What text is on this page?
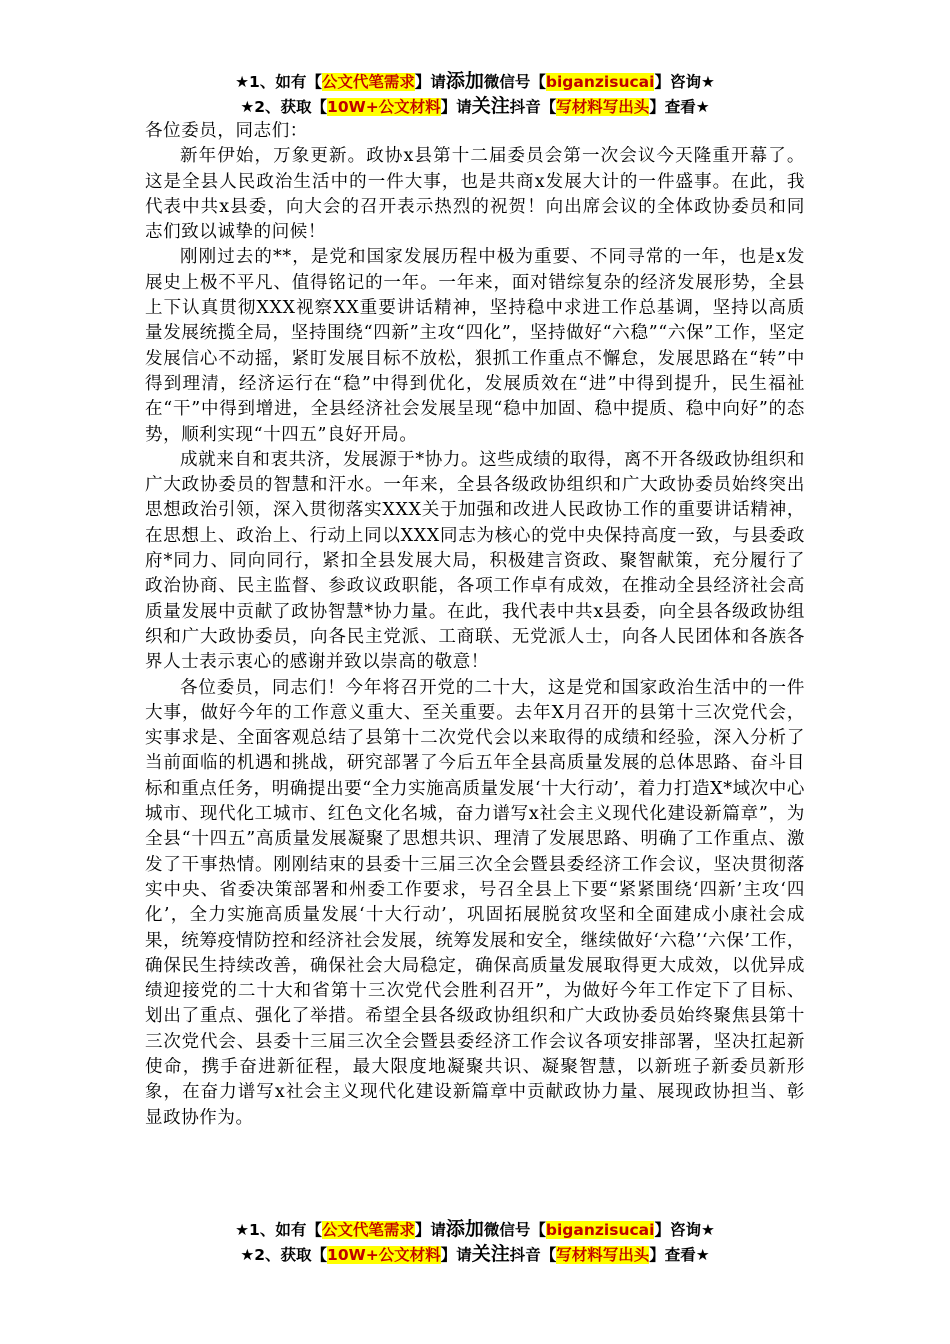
★1、如有【公文代笔需求】请添加微信号【biganzisucai】咨询★
★2、获取【10W+公文材料】请关注抖音【写材料写出头】查看★

各位委员，同志们：

新年伊始，万象更新。政协x县第十二届委员会第一次会议今天隆重开幕了。这是全县人民政治生活中的一件大事，也是共商x发展大计的一件盛事。在此，我代表中共x县委，向大会的召开表示热烈的祝贺！向出席会议的全体政协委员和同志们致以诚挚的问候！

刚刚过去的**，是党和国家发展历程中极为重要、不同寻常的一年，也是x发展史上极不平凡、值得铭记的一年。一年来，面对错综复杂的经济发展形势，全县上下认真贯彻XXX视察XX重要讲话精神，坚持稳中求进工作总基调，坚持以高质量发展统揽全局，坚持围绕“四新”主攻“四化”，坚持做好“六稳”“六保”工作，坚定发展信心不动摇，紧盯发展目标不放松，狠抓工作重点不懈怠，发展思路在“转”中得到理清，经济运行在“稳”中得到优化，发展质效在“进”中得到提升，民生福祉在“干”中得到增进，全县经济社会发展呈现“稳中加固、稳中提质、稳中向好”的态势，顺利实现“十四五”良好开局。

成就来自和衷共济，发展源于*协力。这些成绩的取得，离不开各级政协组织和广大政协委员的智慧和汗水。一年来，全县各级政协组织和广大政协委员始终突出思想政治引领，深入贯彻落实XXX关于加强和改进人民政协工作的重要讲话精神，在思想上、政治上、行动上同以XXX同志为核心的党中央保持高度一致，与县委政府*同力、同向同行，紧扣全县发展大局，积极建言资政、聚智献策，充分履行了政治协商、民主监督、参政议政职能，各项工作卓有成效，在推动全县经济社会高质量发展中贡献了政协智慧*协力量。在此，我代表中共x县委，向全县各级政协组织和广大政协委员，向各民主党派、工商联、无党派人士，向各人民团体和各族各界人士表示衷心的感谢并致以崇高的敬意！

各位委员，同志们！今年将召开党的二十大，这是党和国家政治生活中的一件大事，做好今年的工作意义重大、至关重要。去年X月召开的县第十三次党代会，实事求是、全面客观总结了县第十二次党代会以来取得的成绩和经验，深入分析了当前面临的机遇和挑战，研究部署了今后五年全县高质量发展的总体思路、奋斗目标和重点任务，明确提出要“全力实施高质量发展‘十大行动’，着力打造X*域次中心城市、现代化工城市、红色文化名城，奋力谱写x社会主义现代化建设新篇章”，为全县“十四五”高质量发展凝聚了思想共识、理清了发展思路、明确了工作重点、激发了干事热情。刚刚结束的县委十三届三次全会暨县委经济工作会议，坚决贯彻落实中央、省委决策部署和州委工作要求，号召全县上下要“紧紧围绕‘四新’主攻‘四化’，全力实施高质量发展‘十大行动’，巩固拓展脱贫攻坚和全面建成小康社会成果，统筹疫情防控和经济社会发展，统筹发展和安全，继续做好‘六稳’‘六保’工作，确保民生持续改善，确保社会大局稳定，确保高质量发展取得更大成效，以优异成绩迎接党的二十大和省第十三次党代会胜利召开”，为做好今年工作定下了目标、划出了重点、强化了举措。希望全县各级政协组织和广大政协委员始终聚焦县第十三次党代会、县委十三届三次全会暨县委经济工作会议各项安排部署，坚决扛起新使命，携手奋进新征程，最大限度地凝聚共识、凝聚智慧，以新班子新委员新形象，在奋力谱写x社会主义现代化建设新篇章中贡献政协力量、展现政协担当、彰显政协作为。

★1、如有【公文代笔需求】请添加微信号【biganzisucai】咨询★
★2、获取【10W+公文材料】请关注抖音【写材料写出头】查看★
